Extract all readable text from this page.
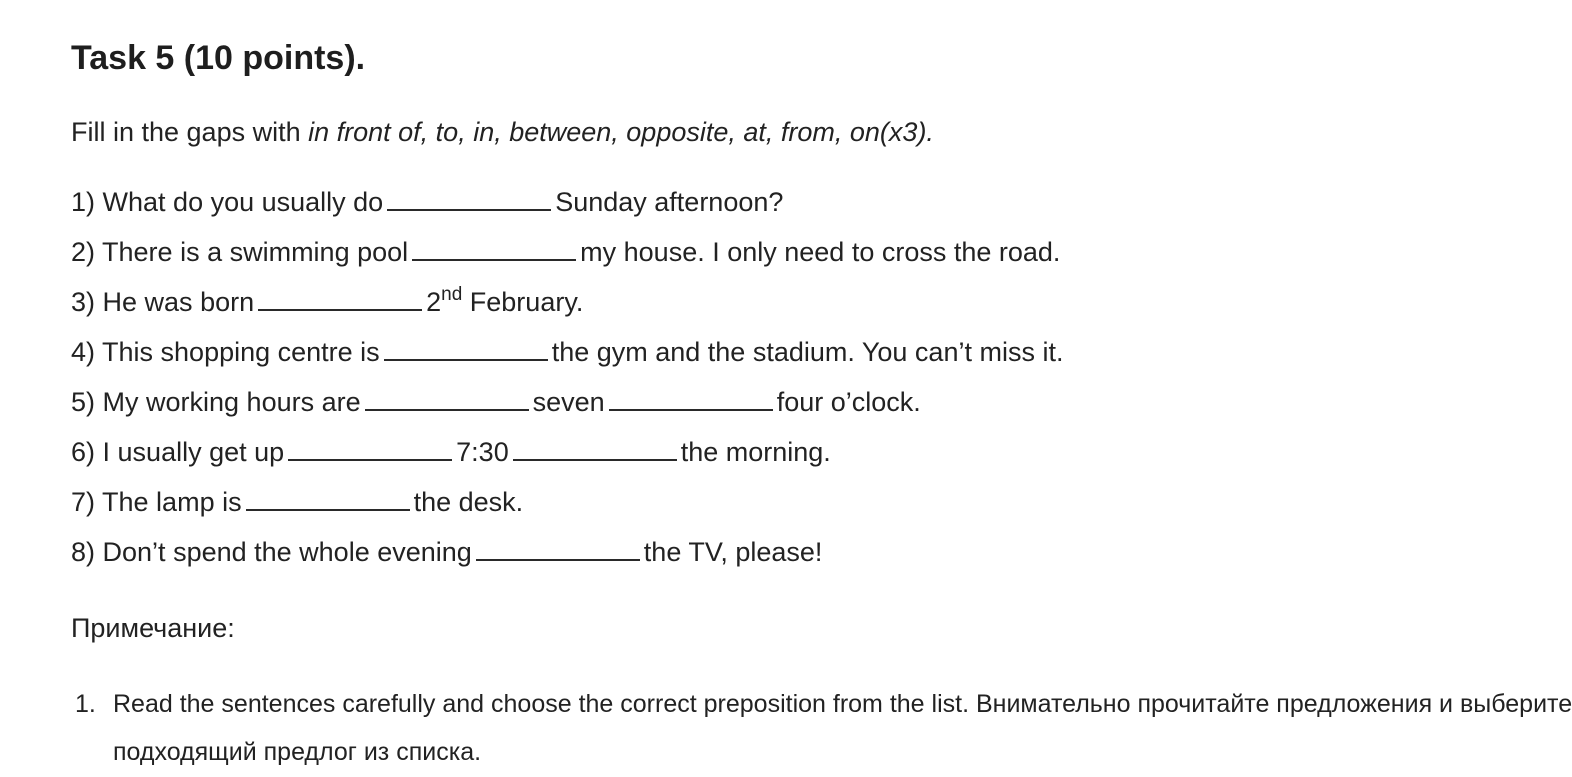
Task 5 (10 points).
Fill in the gaps with in front of, to, in, between, opposite, at, from, on(x3).
1) What do you usually do	Sunday afternoon?
2) There is a swimming pool	my house. I only need to cross the road.
3) He was born	2nd February.
4) This shopping centre is	the gym and the stadium. You can’t miss it.
5) My working hours are	seven	four o’clock.
6) I usually get up	7:30	the morning.
7) The lamp is	the desk.
8) Don’t spend the whole evening	the TV, please!
Примечание:
1. Read the sentences carefully and choose the correct preposition from the list. Внимательно прочитайте предложения и выберите
подходящий предлог из списка.
